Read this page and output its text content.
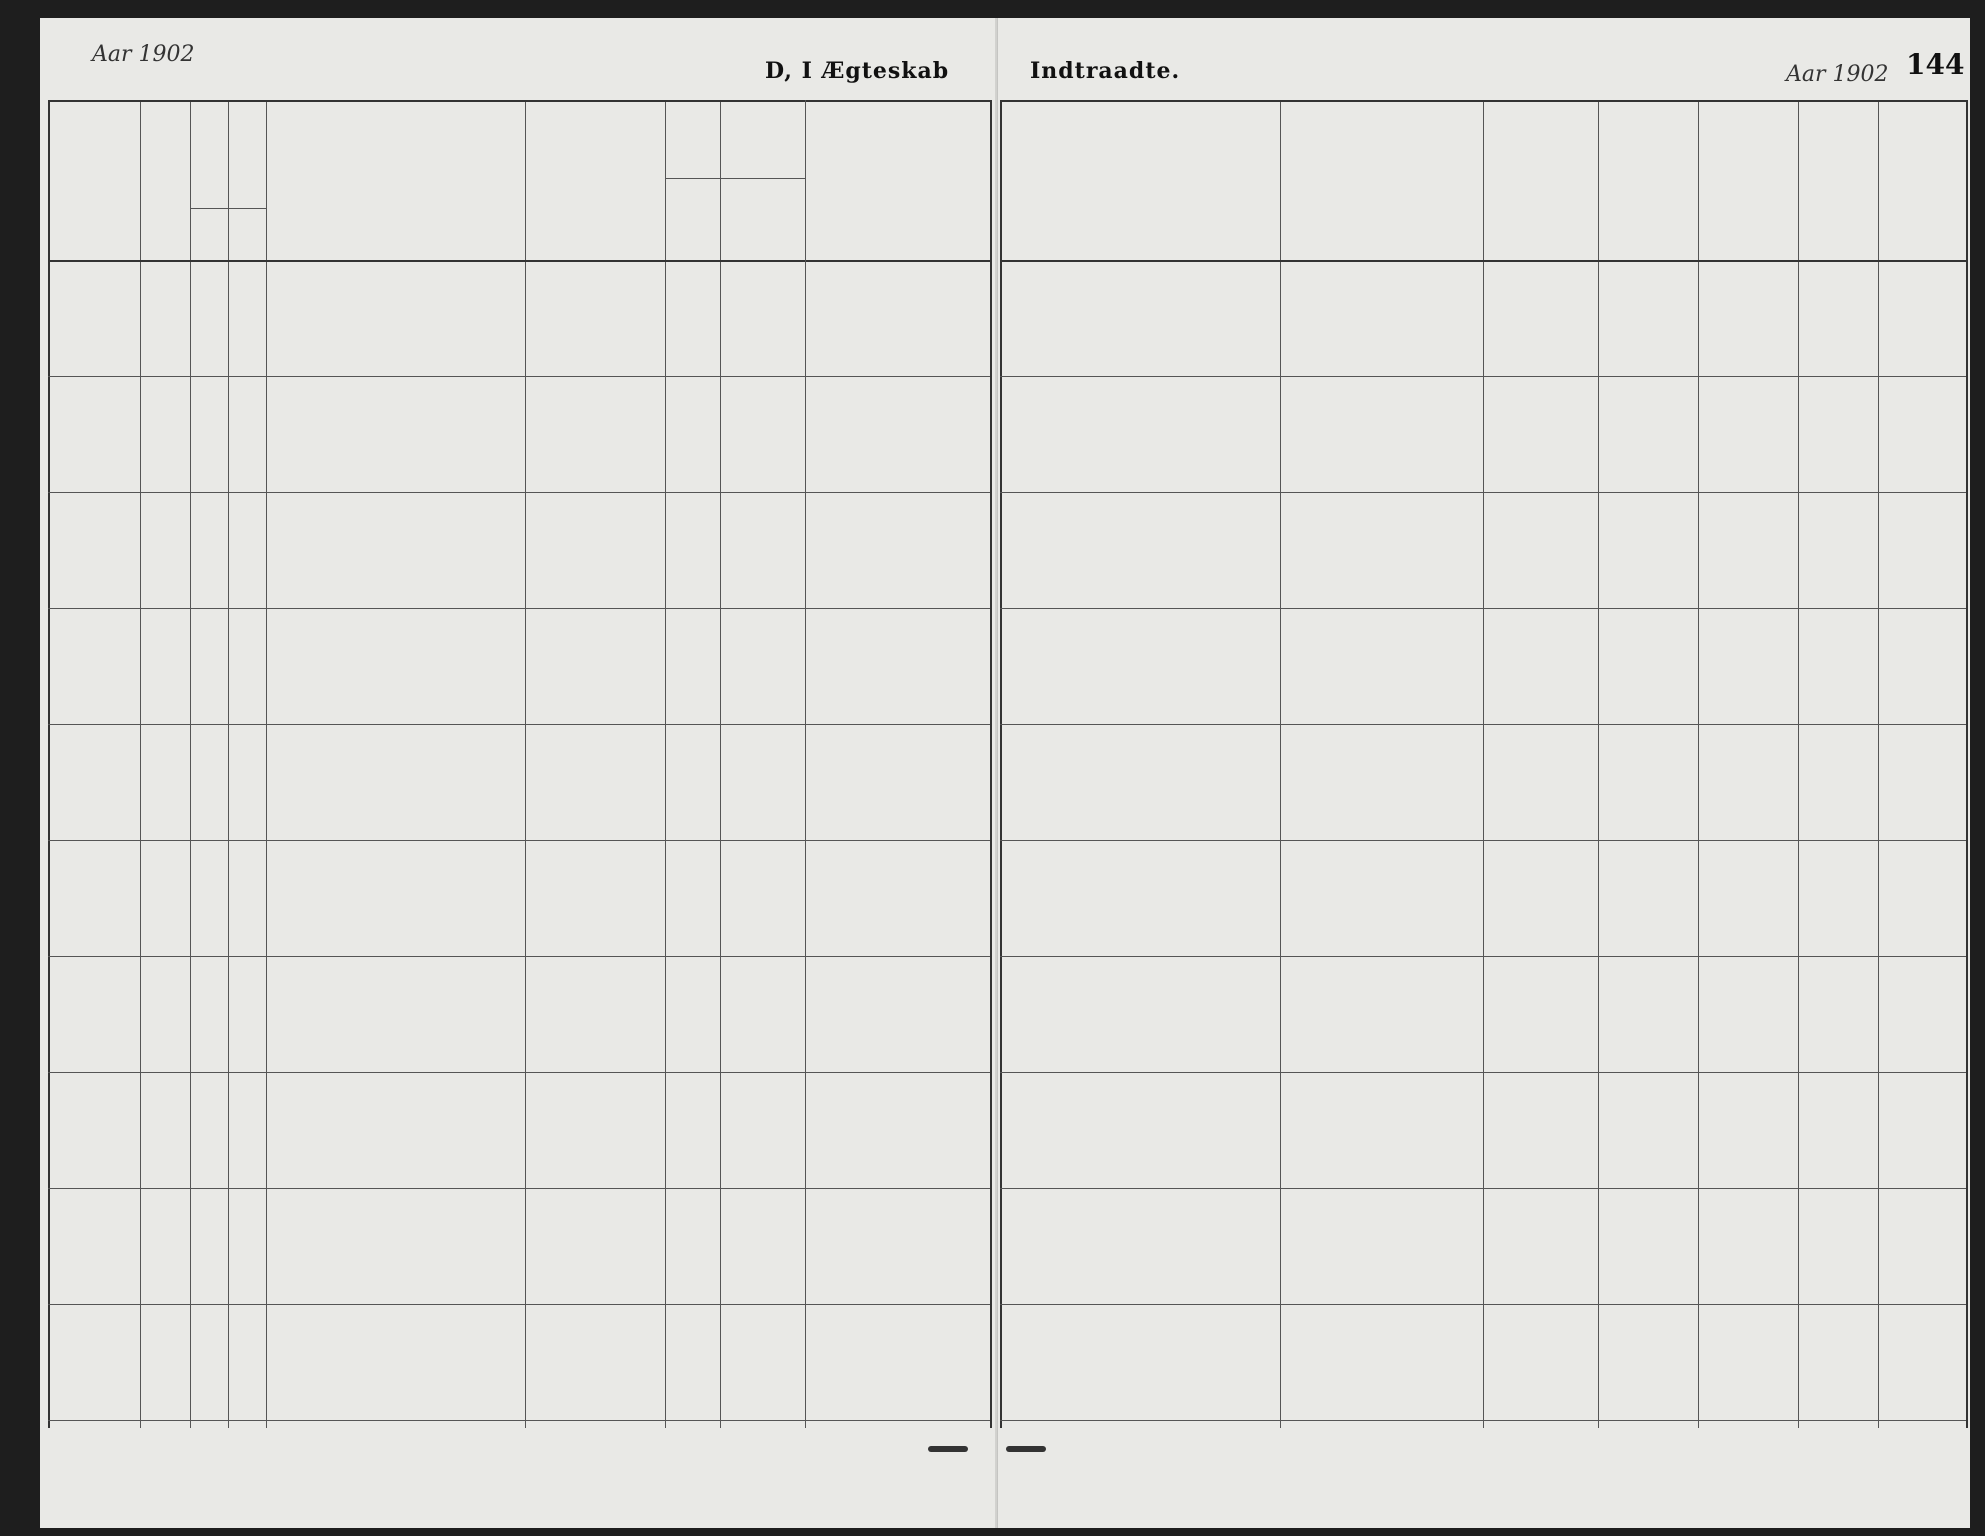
Aar 1902
D, I Ægteskab	Indtraadte.	Aar 1902 144
